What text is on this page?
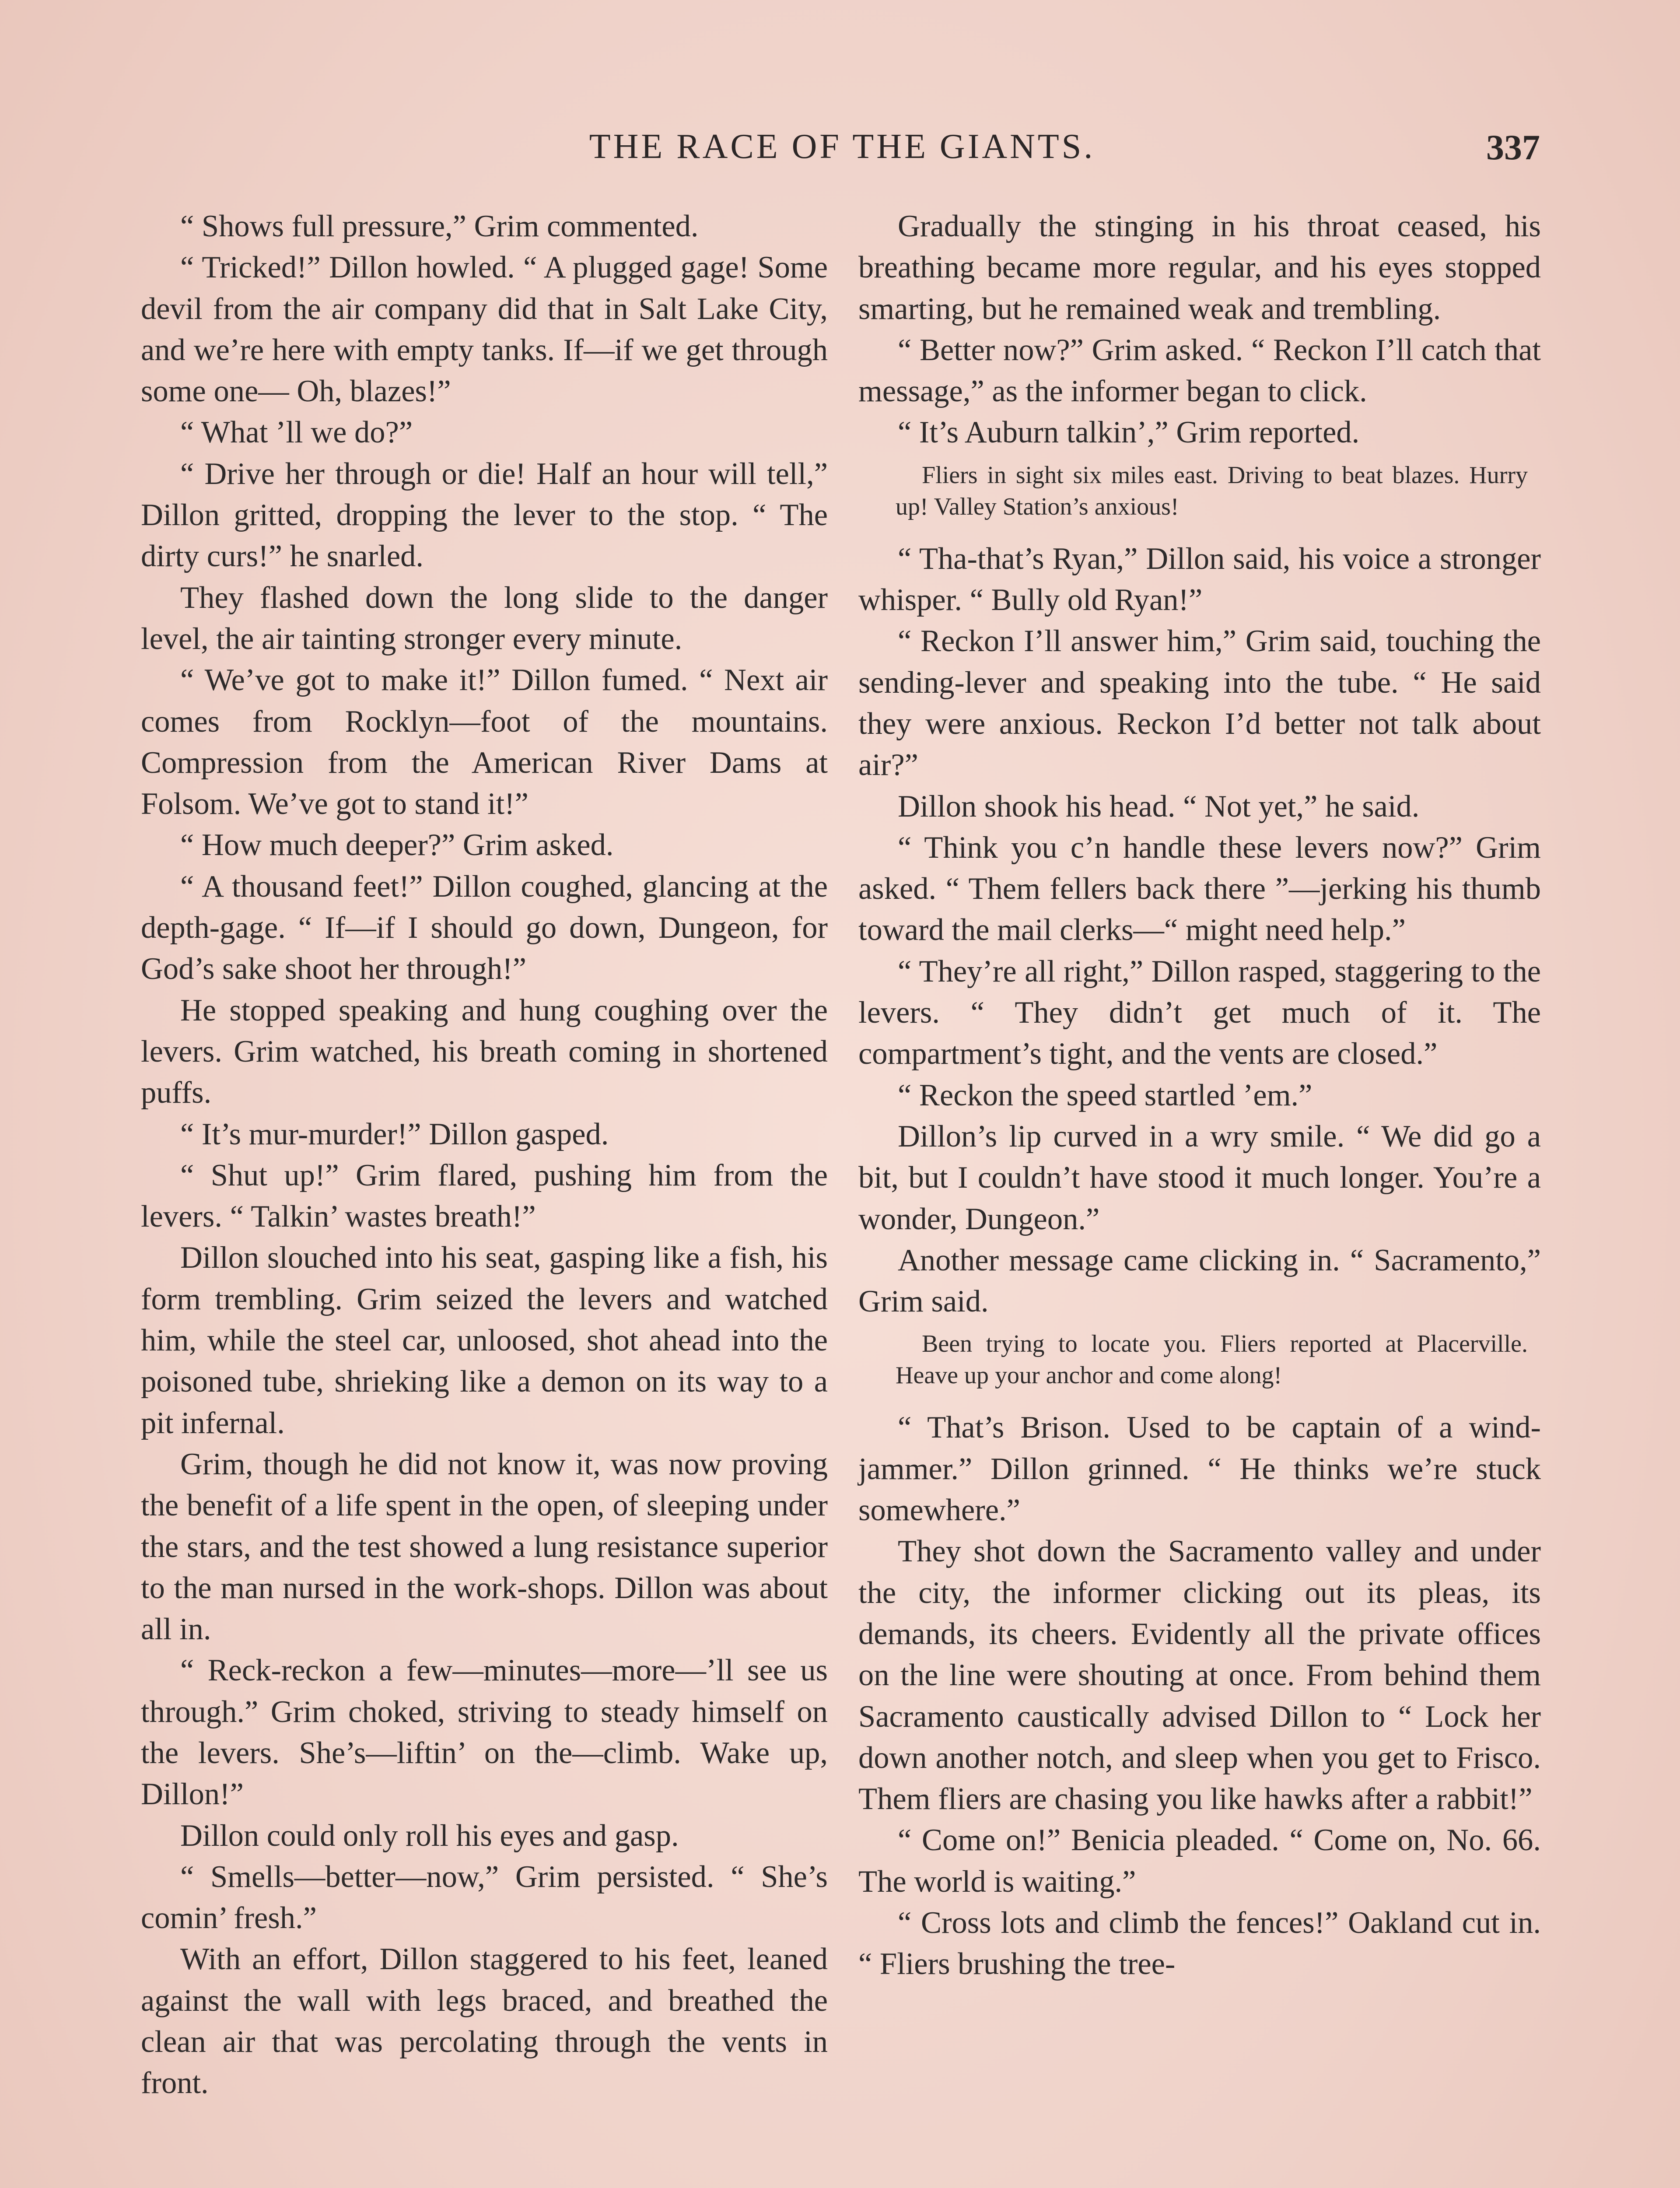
THE RACE OF THE GIANTS.	337

“ Shows full pressure,” Grim commented.

“ Tricked!” Dillon howled. “ A plugged gage! Some devil from the air company did that in Salt Lake City, and we’re here with empty tanks. If—if we get through some one— Oh, blazes!”

“ What ’ll we do?”

“ Drive her through or die! Half an hour will tell,” Dillon gritted, dropping the lever to the stop. “ The dirty curs!” he snarled.

They flashed down the long slide to the danger level, the air tainting stronger every minute.

“ We’ve got to make it!” Dillon fumed. “ Next air comes from Rocklyn—foot of the mountains. Compression from the American River Dams at Folsom. We’ve got to stand it!”

“ How much deeper?” Grim asked.

“ A thousand feet!” Dillon coughed, glancing at the depth-gage. “ If—if I should go down, Dungeon, for God’s sake shoot her through!”

He stopped speaking and hung coughing over the levers. Grim watched, his breath coming in shortened puffs.

“ It’s mur-murder!” Dillon gasped.

“ Shut up!” Grim flared, pushing him from the levers. “ Talkin’ wastes breath!”

Dillon slouched into his seat, gasping like a fish, his form trembling. Grim seized the levers and watched him, while the steel car, unloosed, shot ahead into the poisoned tube, shrieking like a demon on its way to a pit infernal.

Grim, though he did not know it, was now proving the benefit of a life spent in the open, of sleeping under the stars, and the test showed a lung resistance superior to the man nursed in the work-shops. Dillon was about all in.

“ Reck-reckon a few—minutes—more—’ll see us through.” Grim choked, striving to steady himself on the levers. She’s—liftin’ on the—climb. Wake up, Dillon!”

Dillon could only roll his eyes and gasp.

“ Smells—better—now,” Grim persisted. “ She’s comin’ fresh.”

With an effort, Dillon staggered to his feet, leaned against the wall with legs braced, and breathed the clean air that was percolating through the vents in front.

Gradually the stinging in his throat ceased, his breathing became more regular, and his eyes stopped smarting, but he remained weak and trembling.

“ Better now?” Grim asked. “ Reckon I’ll catch that message,” as the informer began to click.

“ It’s Auburn talkin’,” Grim reported.

Fliers in sight six miles east. Driving to beat blazes. Hurry up! Valley Station’s anxious!

“ Tha-that’s Ryan,” Dillon said, his voice a stronger whisper. “ Bully old Ryan!”

“ Reckon I’ll answer him,” Grim said, touching the sending-lever and speaking into the tube. “ He said they were anxious. Reckon I’d better not talk about air?”

Dillon shook his head. “ Not yet,” he said.

“ Think you c’n handle these levers now?” Grim asked. “ Them fellers back there ”—jerking his thumb toward the mail clerks—“ might need help.”

“ They’re all right,” Dillon rasped, staggering to the levers. “ They didn’t get much of it. The compartment’s tight, and the vents are closed.”

“ Reckon the speed startled ’em.”

Dillon’s lip curved in a wry smile. “ We did go a bit, but I couldn’t have stood it much longer. You’re a wonder, Dungeon.”

Another message came clicking in. “ Sacramento,” Grim said.

Been trying to locate you. Fliers reported at Placerville. Heave up your anchor and come along!

“ That’s Brison. Used to be captain of a wind-jammer.” Dillon grinned. “ He thinks we’re stuck somewhere.”

They shot down the Sacramento valley and under the city, the informer clicking out its pleas, its demands, its cheers. Evidently all the private offices on the line were shouting at once. From behind them Sacramento caustically advised Dillon to “ Lock her down another notch, and sleep when you get to Frisco. Them fliers are chasing you like hawks after a rabbit!”

“ Come on!” Benicia pleaded. “ Come on, No. 66. The world is waiting.”

“ Cross lots and climb the fences!” Oakland cut in. “ Fliers brushing the tree-
